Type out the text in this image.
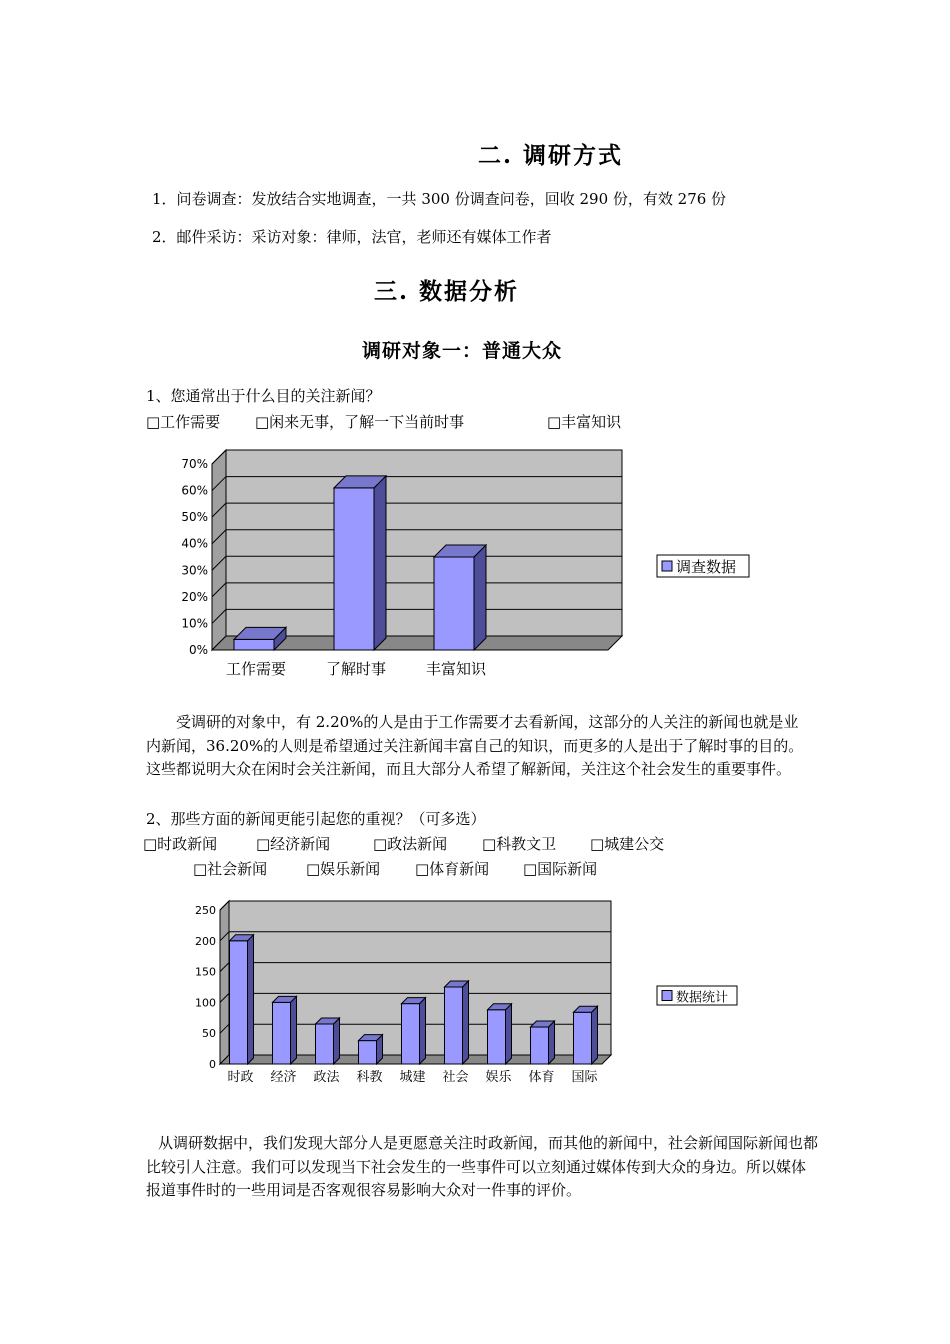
二. 调研方式
1．问卷调查：发放结合实地调查，一共 300 份调查问卷，回收 290 份，有效 276 份
2．邮件采访：采访对象：律师，法官，老师还有媒体工作者
三. 数据分析
调研对象一：普通大众
1、您通常出于什么目的关注新闻？
□工作需要 □闲来无事，了解一下当前时事	□丰富知识
0%
10%
20%
30%
40%
50%
60%
70%
工作需要	了解时事	丰富知识
调查数据
受调研的对象中，有 2.20%的人是由于工作需要才去看新闻，这部分的人关注的新闻也就是业内新闻，36.20%的人则是希望通过关注新闻丰富自己的知识，而更多的人是出于了解时事的目的。这些都说明大众在闲时会关注新闻，而且大部分人希望了解新闻，关注这个社会发生的重要事件。
2、那些方面的新闻更能引起您的重视？（可多选）
□时政新闻	□经济新闻	□政法新闻 □科教文卫 □城建公交
□社会新闻	□娱乐新闻 □体育新闻 □国际新闻
0
50
100
150
200
250
时政 经济 政法 科教 城建 社会 娱乐 体育 国际
数据统计
从调研数据中，我们发现大部分人是更愿意关注时政新闻，而其他的新闻中，社会新闻国际新闻也都比较引人注意。我们可以发现当下社会发生的一些事件可以立刻通过媒体传到大众的身边。所以媒体报道事件时的一些用词是否客观很容易影响大众对一件事的评价。
